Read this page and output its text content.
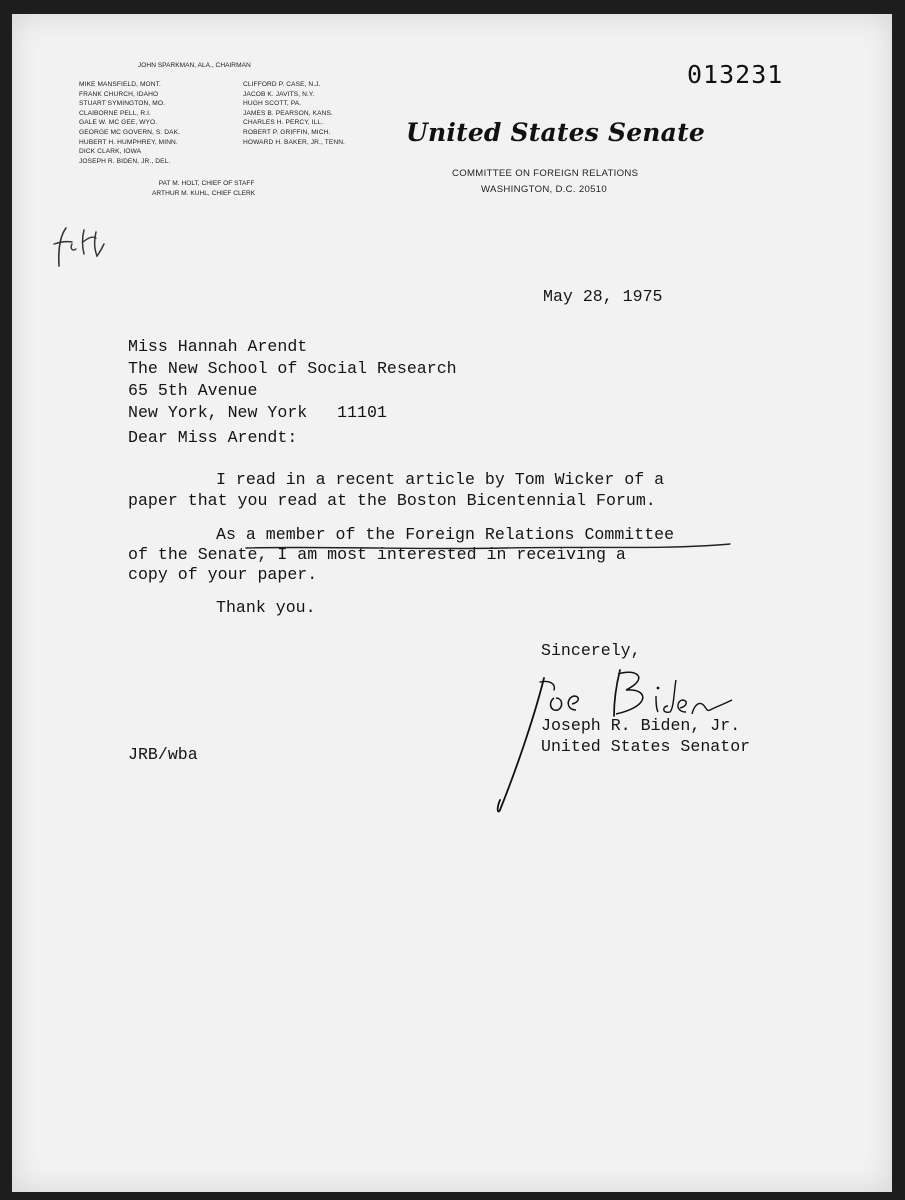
JOHN SPARKMAN, ALA., CHAIRMAN
MIKE MANSFIELD, MONT.
FRANK CHURCH, IDAHO
STUART SYMINGTON, MO.
CLAIBORNE PELL, R.I.
GALE W. MC GEE, WYO.
GEORGE MC GOVERN, S. DAK.
HUBERT H. HUMPHREY, MINN.
DICK CLARK, IOWA
JOSEPH R. BIDEN, JR., DEL.
CLIFFORD P. CASE, N.J.
JACOB K. JAVITS, N.Y.
HUGH SCOTT, PA.
JAMES B. PEARSON, KANS.
CHARLES H. PERCY, ILL.
ROBERT P. GRIFFIN, MICH.
HOWARD H. BAKER, JR., TENN.
PAT M. HOLT, CHIEF OF STAFF
ARTHUR M. KUHL, CHIEF CLERK
013231
United States Senate
COMMITTEE ON FOREIGN RELATIONS
WASHINGTON, D.C. 20510
May 28, 1975
Miss Hannah Arendt
The New School of Social Research
65 5th Avenue
New York, New York   11101
Dear Miss Arendt:
I read in a recent article by Tom Wicker of a
paper that you read at the Boston Bicentennial Forum.
As a member of the Foreign Relations Committee
of the Senate, I am most interested in receiving a
copy of your paper.
Thank you.
Sincerely,
Joseph R. Biden, Jr.
United States Senator
JRB/wba
